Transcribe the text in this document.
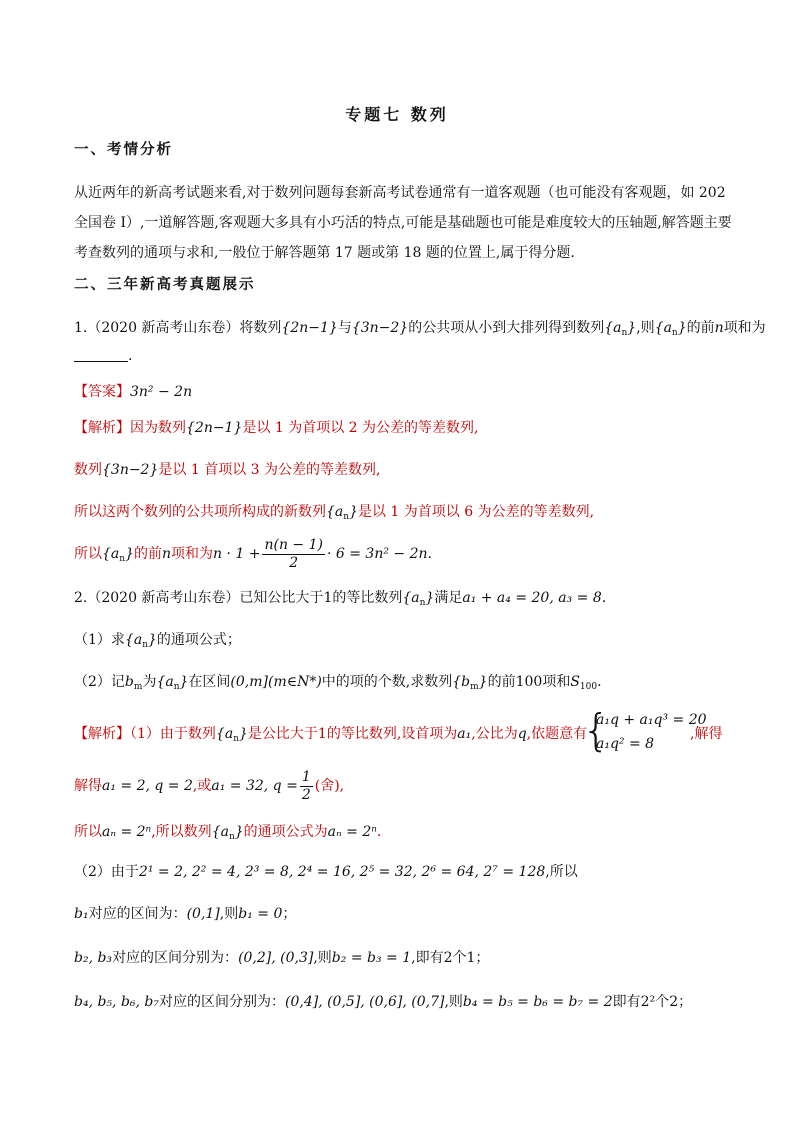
专题七 数列
一、考情分析
从近两年的新高考试题来看,对于数列问题每套新高考试卷通常有一道客观题（也可能没有客观题，如 202
全国卷 I）,一道解答题,客观题大多具有小巧活的特点,可能是基础题也可能是难度较大的压轴题,解答题主要
考查数列的通项与求和,一般位于解答题第 17 题或第 18 题的位置上,属于得分题.
二、三年新高考真题展示
1.（2020 新高考山东卷）将数列{2n−1}与{3n−2}的公共项从小到大排列得到数列$\{a_n\}$,则$\{a_n\}$的前n项和为
.
【答案】3n² − 2n
【解析】因为数列{2n−1}是以 1 为首项以 2 为公差的等差数列,
数列{3n−2}是以 1 首项以 3 为公差的等差数列,
所以这两个数列的公共项所构成的新数列$\{a_n\}$是以 1 为首项以 6 为公差的等差数列,
所以$\{a_n\}$的前n项和为$n \cdot 1 + \frac{n(n - 1)}{2} \cdot 6 = 3n^2 - 2n$.
2.（2020 新高考山东卷）已知公比大于1的等比数列$\{a_n\}$满足a₁ + a₄ = 20, a₃ = 8.
（1）求$\{a_n\}$的通项公式；
（2）记$b_m$为$\{a_n\}$在区间(0,m](m∈N*)中的项的个数,求数列$\{b_m\}$的前100项和$S_{100}$.
【解析】（1）由于数列$\{a_n\}$是公比大于1的等比数列,设首项为a₁,公比为q,依题意有
{
a₁q + a₁q³ = 20
a₁q² = 8
,解得
解得a₁ = 2, q = 2,或a₁ = 32, $q = \frac{1}{2}$ (舍),
所以aₙ = 2ⁿ,所以数列$\{a_n\}$的通项公式为aₙ = 2ⁿ.
（2）由于2¹ = 2, 2² = 4, 2³ = 8, 2⁴ = 16, 2⁵ = 32, 2⁶ = 64, 2⁷ = 128,所以
b₁对应的区间为：(0,1],则b₁ = 0；
b₂, b₃对应的区间分别为：(0,2], (0,3],则b₂ = b₃ = 1,即有2个1；
b₄, b₅, b₆, b₇对应的区间分别为：(0,4], (0,5], (0,6], (0,7],则b₄ = b₅ = b₆ = b₇ = 2即有2²个2；
